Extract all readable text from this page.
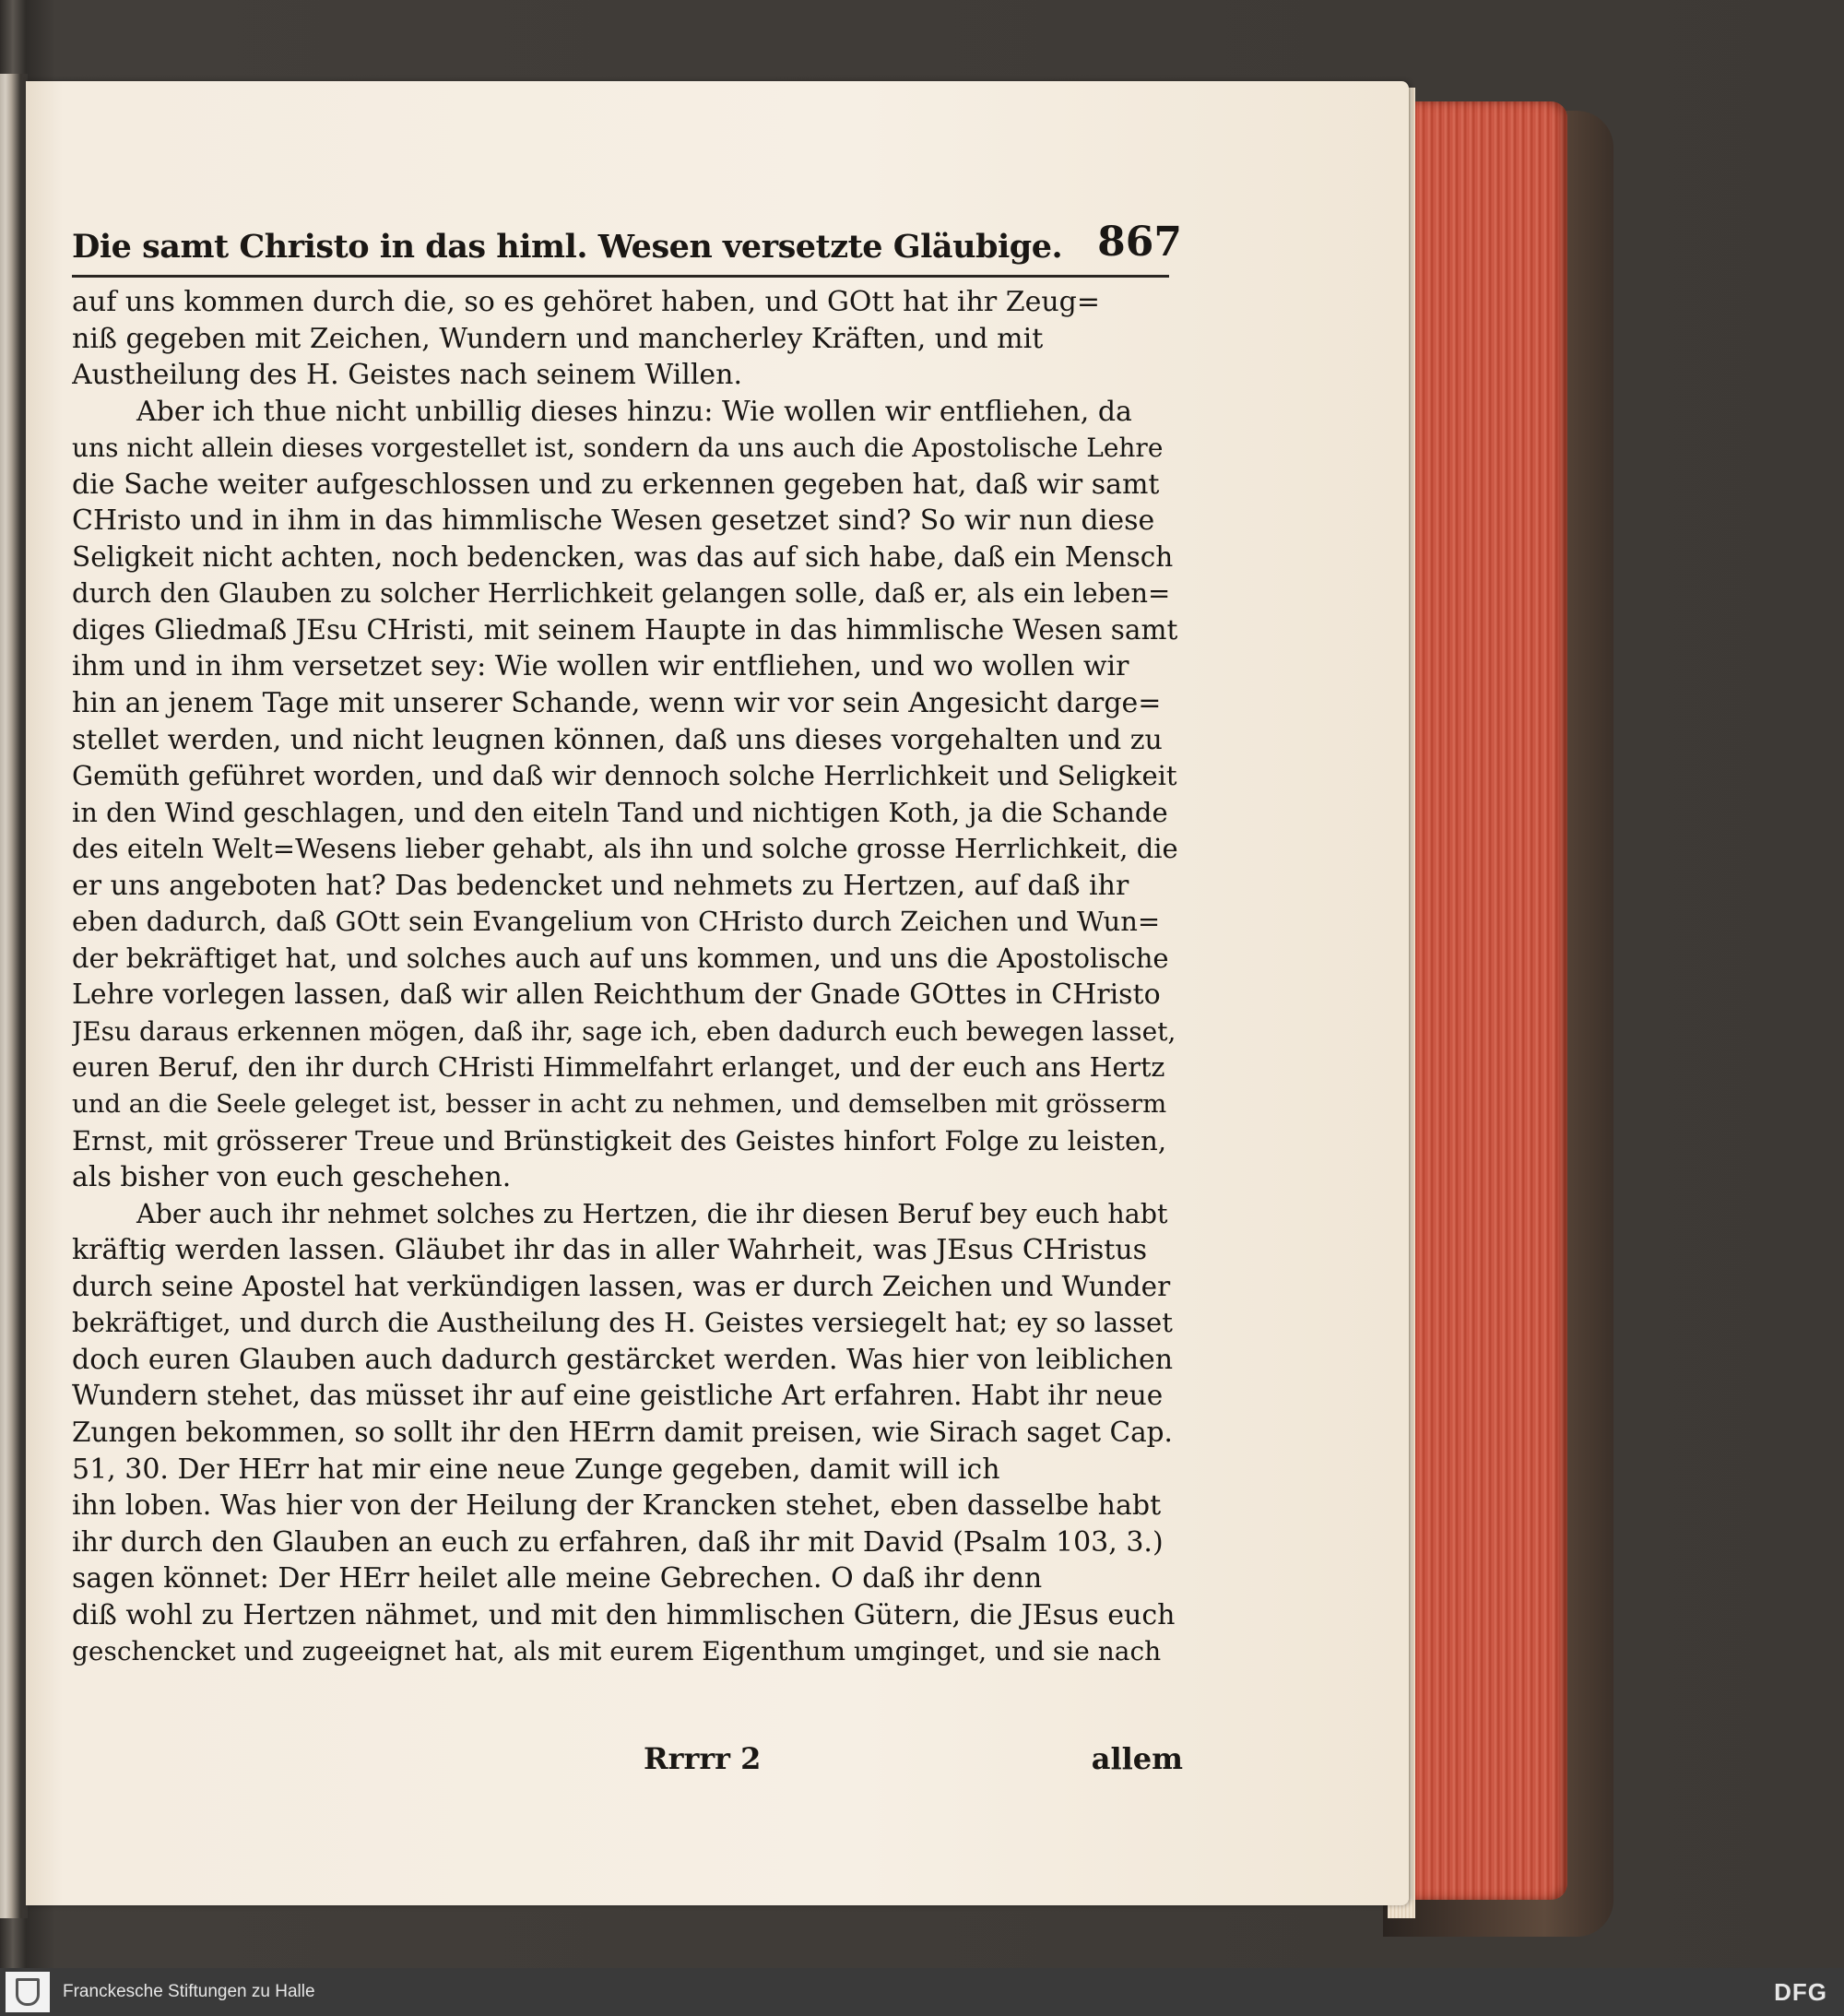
Die samt Christo in das himl. Wesen versetzte Gläubige. 867
auf uns kommen durch die, so es gehöret haben, und GOtt hat ihr Zeug=
niß gegeben mit Zeichen, Wundern und mancherley Kräften, und mit
Austheilung des H. Geistes nach seinem Willen.
Aber ich thue nicht unbillig dieses hinzu: Wie wollen wir entfliehen, da
uns nicht allein dieses vorgestellet ist, sondern da uns auch die Apostolische Lehre
die Sache weiter aufgeschlossen und zu erkennen gegeben hat, daß wir samt
CHristo und in ihm in das himmlische Wesen gesetzet sind? So wir nun diese
Seligkeit nicht achten, noch bedencken, was das auf sich habe, daß ein Mensch
durch den Glauben zu solcher Herrlichkeit gelangen solle, daß er, als ein leben=
diges Gliedmaß JEsu CHristi, mit seinem Haupte in das himmlische Wesen samt
ihm und in ihm versetzet sey: Wie wollen wir entfliehen, und wo wollen wir
hin an jenem Tage mit unserer Schande, wenn wir vor sein Angesicht darge=
stellet werden, und nicht leugnen können, daß uns dieses vorgehalten und zu
Gemüth geführet worden, und daß wir dennoch solche Herrlichkeit und Seligkeit
in den Wind geschlagen, und den eiteln Tand und nichtigen Koth, ja die Schande
des eiteln Welt=Wesens lieber gehabt, als ihn und solche grosse Herrlichkeit, die
er uns angeboten hat? Das bedencket und nehmets zu Hertzen, auf daß ihr
eben dadurch, daß GOtt sein Evangelium von CHristo durch Zeichen und Wun=
der bekräftiget hat, und solches auch auf uns kommen, und uns die Apostolische
Lehre vorlegen lassen, daß wir allen Reichthum der Gnade GOttes in CHristo
JEsu daraus erkennen mögen, daß ihr, sage ich, eben dadurch euch bewegen lasset,
euren Beruf, den ihr durch CHristi Himmelfahrt erlanget, und der euch ans Hertz
und an die Seele geleget ist, besser in acht zu nehmen, und demselben mit grösserm
Ernst, mit grösserer Treue und Brünstigkeit des Geistes hinfort Folge zu leisten,
als bisher von euch geschehen.
Aber auch ihr nehmet solches zu Hertzen, die ihr diesen Beruf bey euch habt
kräftig werden lassen. Gläubet ihr das in aller Wahrheit, was JEsus CHristus
durch seine Apostel hat verkündigen lassen, was er durch Zeichen und Wunder
bekräftiget, und durch die Austheilung des H. Geistes versiegelt hat; ey so lasset
doch euren Glauben auch dadurch gestärcket werden. Was hier von leiblichen
Wundern stehet, das müsset ihr auf eine geistliche Art erfahren. Habt ihr neue
Zungen bekommen, so sollt ihr den HErrn damit preisen, wie Sirach saget Cap.
51, 30. Der HErr hat mir eine neue Zunge gegeben, damit will ich
ihn loben. Was hier von der Heilung der Krancken stehet, eben dasselbe habt
ihr durch den Glauben an euch zu erfahren, daß ihr mit David (Psalm 103, 3.)
sagen könnet: Der HErr heilet alle meine Gebrechen. O daß ihr denn
diß wohl zu Hertzen nähmet, und mit den himmlischen Gütern, die JEsus euch
geschencket und zugeeignet hat, als mit eurem Eigenthum umginget, und sie nach
Rrrrr 2	allem
Franckesche Stiftungen zu Halle	DFG
